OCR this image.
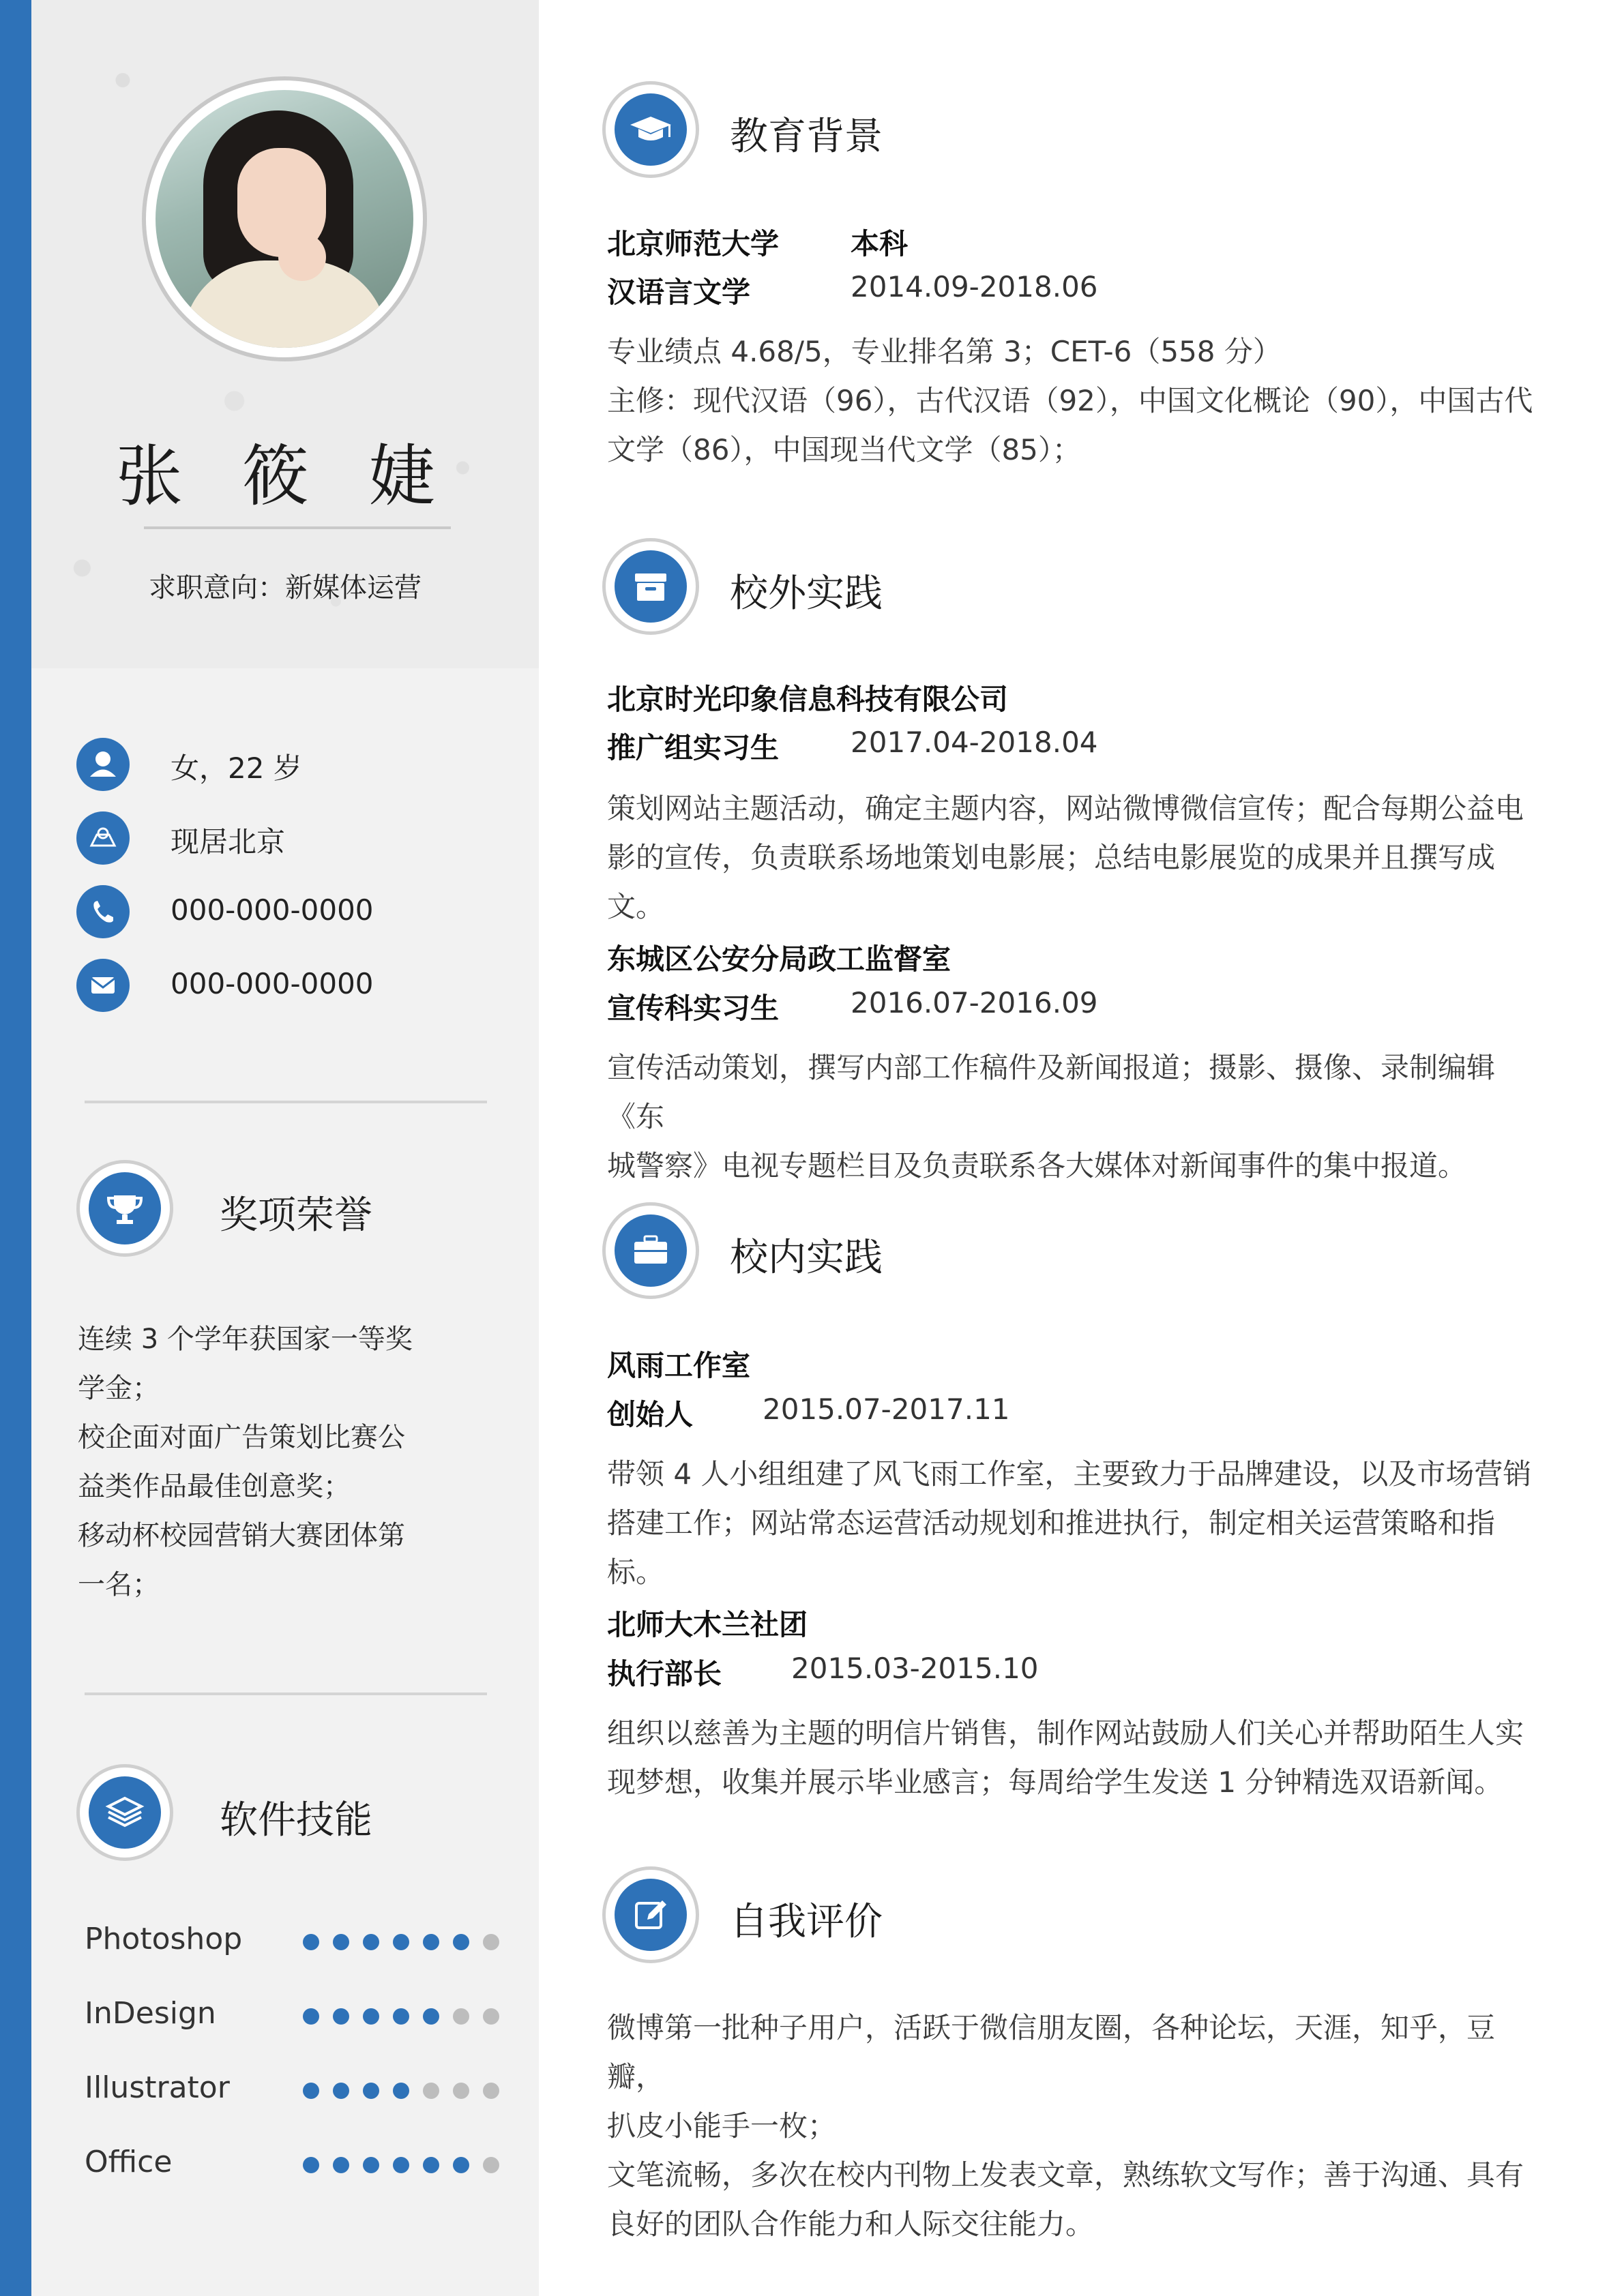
张 筱 婕
求职意向：新媒体运营
女，22 岁
现居北京
000-000-0000
000-000-0000
奖项荣誉
连续 3 个学年获国家一等奖
学金；
校企面对面广告策划比赛公
益类作品最佳创意奖；
移动杯校园营销大赛团体第
一名；
软件技能
Photoshop
InDesign
Illustrator
Office
教育背景
北京师范大学 本科
汉语言文学	2014.09-2018.06
专业绩点 4.68/5，专业排名第 3；CET-6（558 分）
主修：现代汉语（96），古代汉语（92），中国文化概论（90），中国古代
文学（86），中国现当代文学（85）；
校外实践
北京时光印象信息科技有限公司
推广组实习生 2017.04-2018.04
策划网站主题活动，确定主题内容，网站微博微信宣传；配合每期公益电
影的宣传，负责联系场地策划电影展；总结电影展览的成果并且撰写成文。
东城区公安分局政工监督室
宣传科实习生 2016.07-2016.09
宣传活动策划，撰写内部工作稿件及新闻报道；摄影、摄像、录制编辑《东
城警察》电视专题栏目及负责联系各大媒体对新闻事件的集中报道。
校内实践
风雨工作室
创始人 2015.07-2017.11
带领 4 人小组组建了风飞雨工作室，主要致力于品牌建设，以及市场营销
搭建工作；网站常态运营活动规划和推进执行，制定相关运营策略和指标。
北师大木兰社团
执行部长 2015.03-2015.10
组织以慈善为主题的明信片销售，制作网站鼓励人们关心并帮助陌生人实
现梦想，收集并展示毕业感言；每周给学生发送 1 分钟精选双语新闻。
自我评价
微博第一批种子用户，活跃于微信朋友圈，各种论坛，天涯，知乎，豆瓣，
扒皮小能手一枚；
文笔流畅，多次在校内刊物上发表文章，熟练软文写作；善于沟通、具有
良好的团队合作能力和人际交往能力。
